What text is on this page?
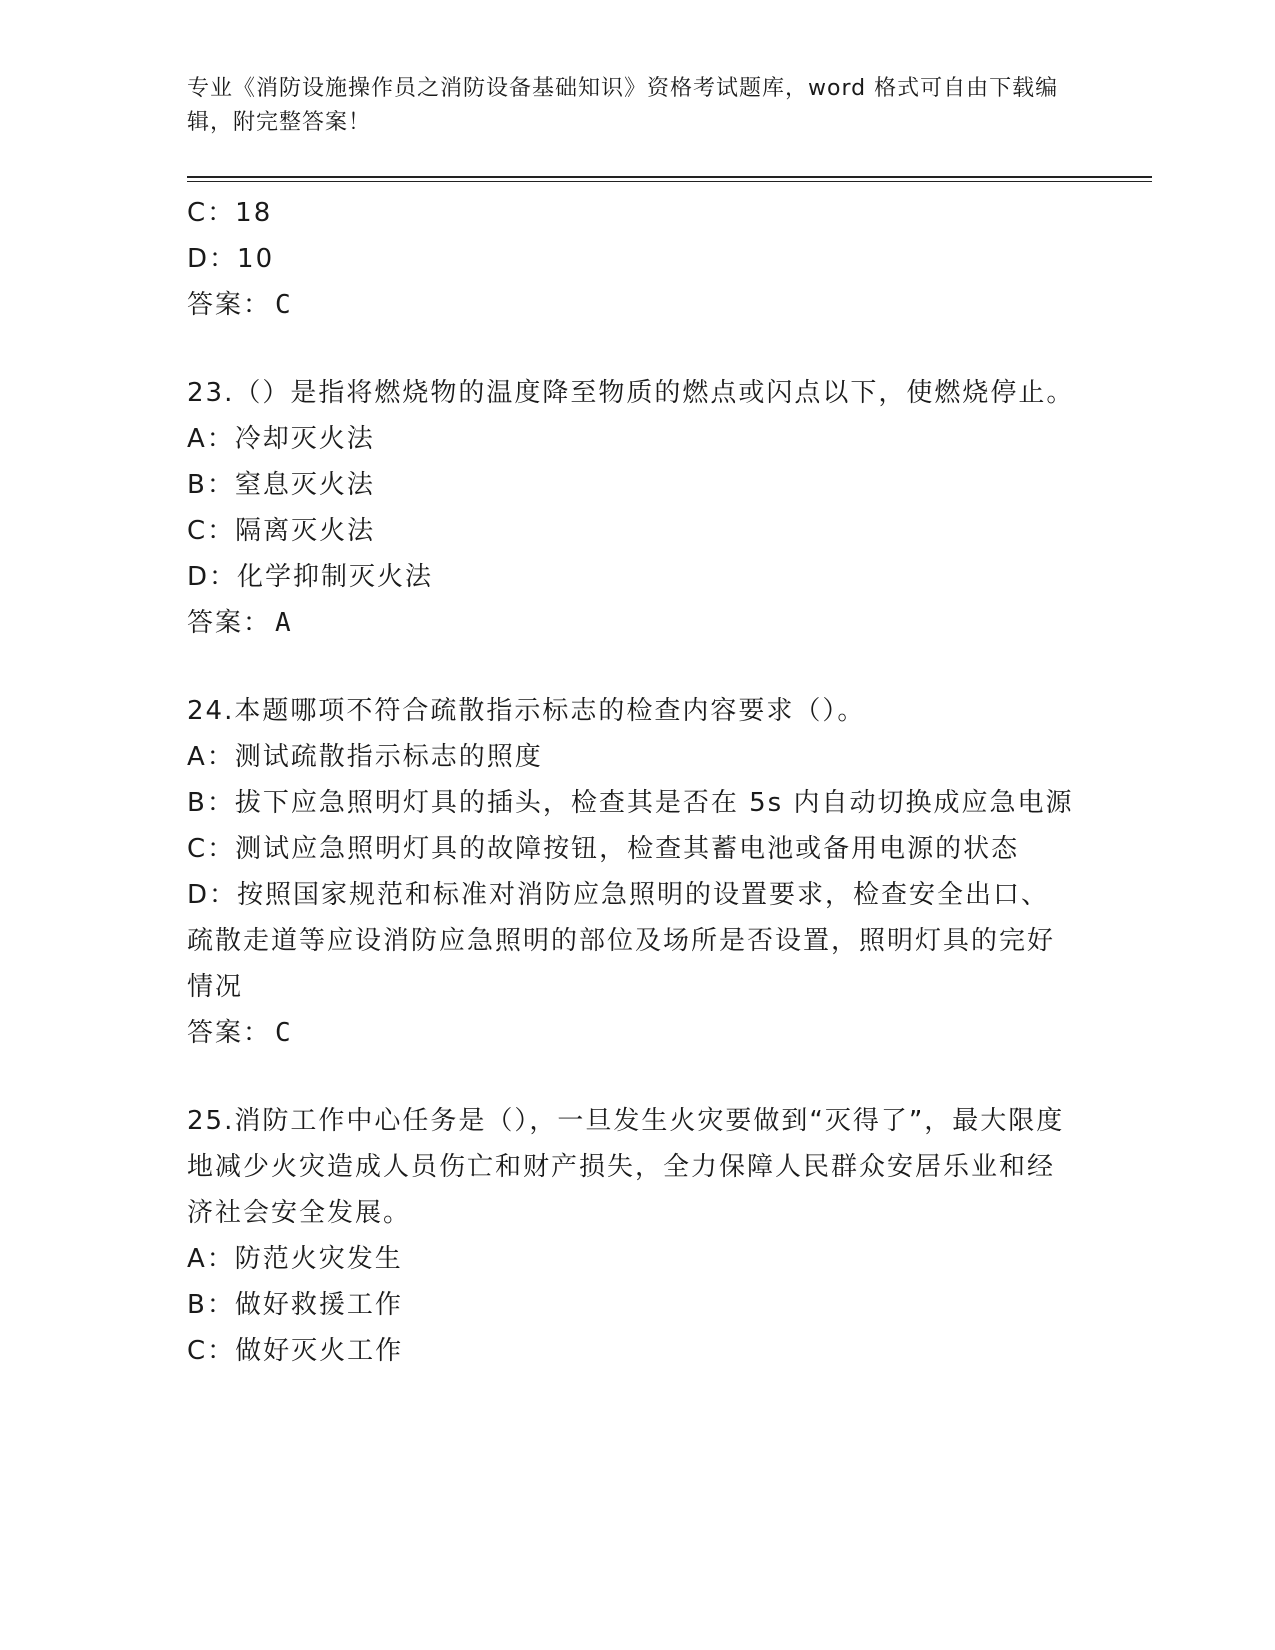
专业《消防设施操作员之消防设备基础知识》资格考试题库，word 格式可自由下载编辑，附完整答案！

C：18

D：10

答案： C

23.（）是指将燃烧物的温度降至物质的燃点或闪点以下，使燃烧停止。

A：冷却灭火法

B：窒息灭火法

C：隔离灭火法

D：化学抑制灭火法

答案： A

24.本题哪项不符合疏散指示标志的检查内容要求（）。

A：测试疏散指示标志的照度

B：拔下应急照明灯具的插头，检查其是否在 5s 内自动切换成应急电源

C：测试应急照明灯具的故障按钮，检查其蓄电池或备用电源的状态

D：按照国家规范和标准对消防应急照明的设置要求，检查安全出口、疏散走道等应设消防应急照明的部位及场所是否设置，照明灯具的完好情况

答案： C

25.消防工作中心任务是（），一旦发生火灾要做到“灭得了”，最大限度地减少火灾造成人员伤亡和财产损失，全力保障人民群众安居乐业和经济社会安全发展。

A：防范火灾发生

B：做好救援工作

C：做好灭火工作
